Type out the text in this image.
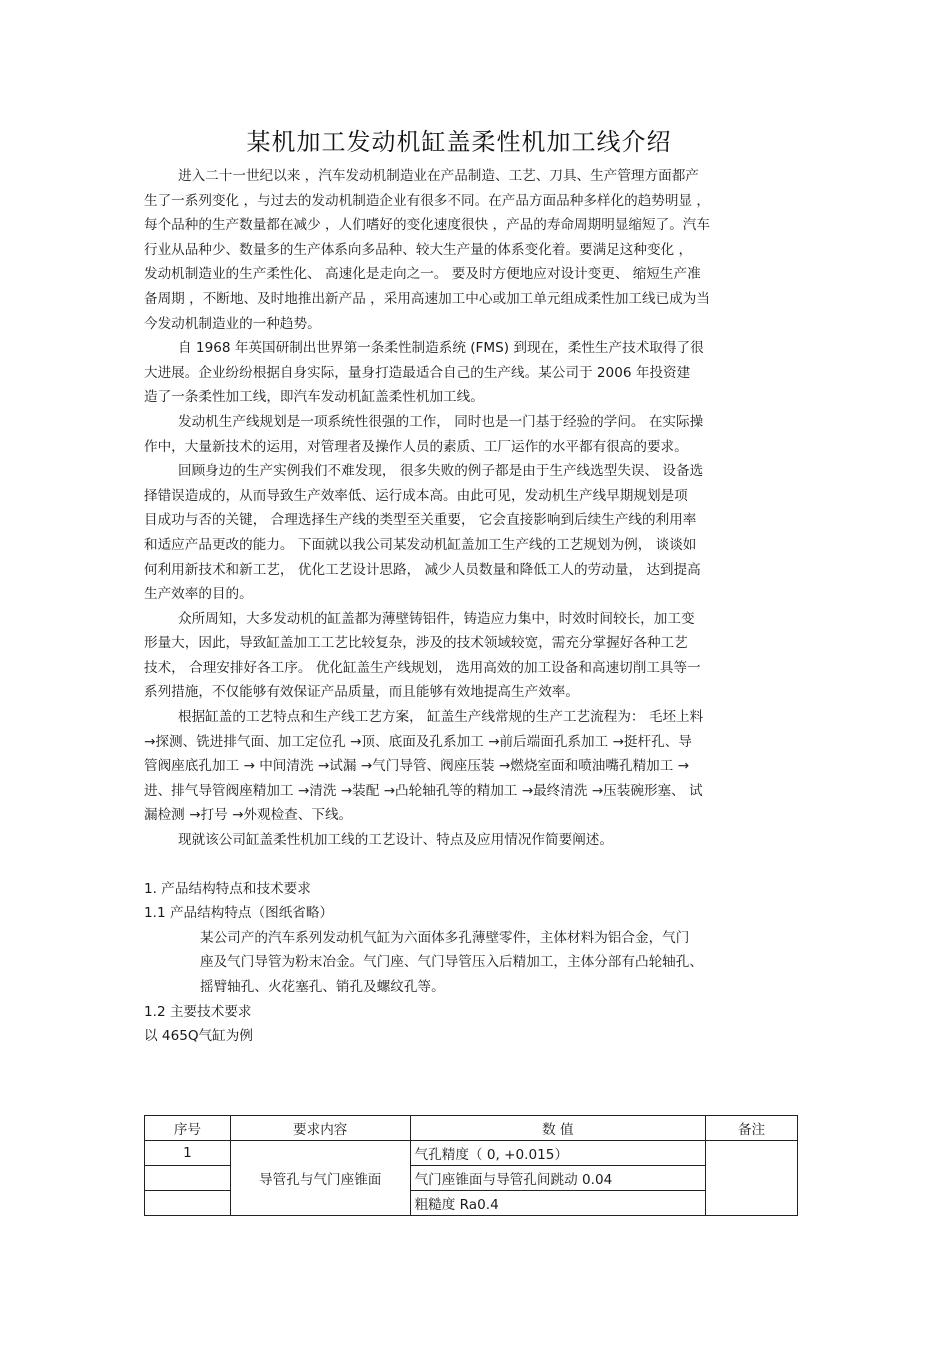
某机加工发动机缸盖柔性机加工线介绍
进入二十一世纪以来 ，汽车发动机制造业在产品制造、工艺、刀具、生产管理方面都产
生了一系列变化 ，与过去的发动机制造企业有很多不同。在产品方面品种多样化的趋势明显 ，
每个品种的生产数量都在减少 ，人们嗜好的变化速度很快 ，产品的寿命周期明显缩短了。汽车
行业从品种少、数量多的生产体系向多品种、较大生产量的体系变化着。要满足这种变化 ，
发动机制造业的生产柔性化、 高速化是走向之一。 要及时方便地应对设计变更、 缩短生产准
备周期 ，不断地、及时地推出新产品 ，采用高速加工中心或加工单元组成柔性加工线已成为当
今发动机制造业的一种趋势。
自 1968 年英国研制出世界第一条柔性制造系统 (FMS) 到现在，柔性生产技术取得了很
大进展。企业纷纷根据自身实际，量身打造最适合自己的生产线。某公司于 2006 年投资建
造了一条柔性加工线，即汽车发动机缸盖柔性机加工线。
发动机生产线规划是一项系统性很强的工作， 同时也是一门基于经验的学问。 在实际操
作中，大量新技术的运用，对管理者及操作人员的素质、工厂运作的水平都有很高的要求。
回顾身边的生产实例我们不难发现， 很多失败的例子都是由于生产线选型失误、 设备选
择错误造成的，从而导致生产效率低、运行成本高。由此可见，发动机生产线早期规划是项
目成功与否的关键， 合理选择生产线的类型至关重要， 它会直接影响到后续生产线的利用率
和适应产品更改的能力。 下面就以我公司某发动机缸盖加工生产线的工艺规划为例， 谈谈如
何利用新技术和新工艺， 优化工艺设计思路， 减少人员数量和降低工人的劳动量， 达到提高
生产效率的目的。
众所周知，大多发动机的缸盖都为薄壁铸铝件，铸造应力集中，时效时间较长，加工变
形量大，因此，导致缸盖加工工艺比较复杂，涉及的技术领域较宽，需充分掌握好各种工艺
技术， 合理安排好各工序。 优化缸盖生产线规划， 选用高效的加工设备和高速切削工具等一
系列措施，不仅能够有效保证产品质量，而且能够有效地提高生产效率。
根据缸盖的工艺特点和生产线工艺方案， 缸盖生产线常规的生产工艺流程为： 毛坯上料
→探测、铣进排气面、加工定位孔 →顶、底面及孔系加工 →前后端面孔系加工 →挺杆孔、导
管阀座底孔加工 → 中间清洗 →试漏 →气门导管、阀座压装 →燃烧室面和喷油嘴孔精加工 →
进、排气导管阀座精加工 →清洗 →装配 →凸轮轴孔等的精加工 →最终清洗 →压装碗形塞、 试
漏检测 →打号 →外观检查、下线。
现就该公司缸盖柔性机加工线的工艺设计、特点及应用情况作简要阐述。
1. 产品结构特点和技术要求
1.1 产品结构特点（图纸省略）
某公司产的汽车系列发动机气缸为六面体多孔薄壁零件，主体材料为铝合金，气门
座及气门导管为粉末冶金。气门座、气门导管压入后精加工，主体分部有凸轮轴孔、
摇臂轴孔、火花塞孔、销孔及螺纹孔等。
1.2 主要技术要求
以 465Q气缸为例
序号	要求内容	数 值	备注
1	导管孔与气门座锥面	气孔精度（ 0, +0.015）	
		气门座锥面与导管孔间跳动 0.04	
		粗糙度 Ra0.4	
